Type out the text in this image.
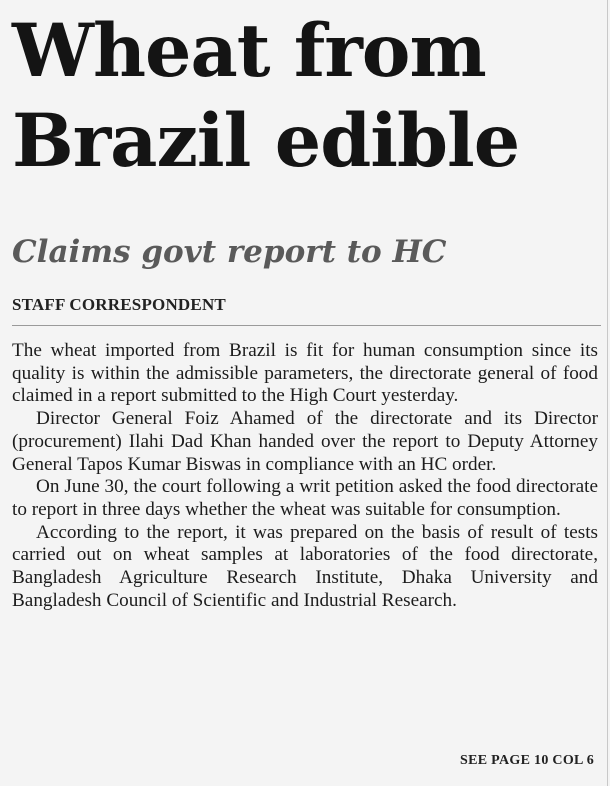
Wheat from Brazil edible
Claims govt report to HC
STAFF CORRESPONDENT

The wheat imported from Brazil is fit for human consumption since its quality is within the admissible parameters, the directorate general of food claimed in a report submitted to the High Court yesterday.

Director General Foiz Ahamed of the directorate and its Director (procurement) Ilahi Dad Khan handed over the report to Deputy Attorney General Tapos Kumar Biswas in compliance with an HC order.

On June 30, the court following a writ petition asked the food directorate to report in three days whether the wheat was suitable for consumption.

According to the report, it was prepared on the basis of result of tests carried out on wheat samples at laboratories of the food directorate, Bangladesh Agriculture Research Institute, Dhaka University and Bangladesh Council of Scientific and Industrial Research.

SEE PAGE 10 COL 6
